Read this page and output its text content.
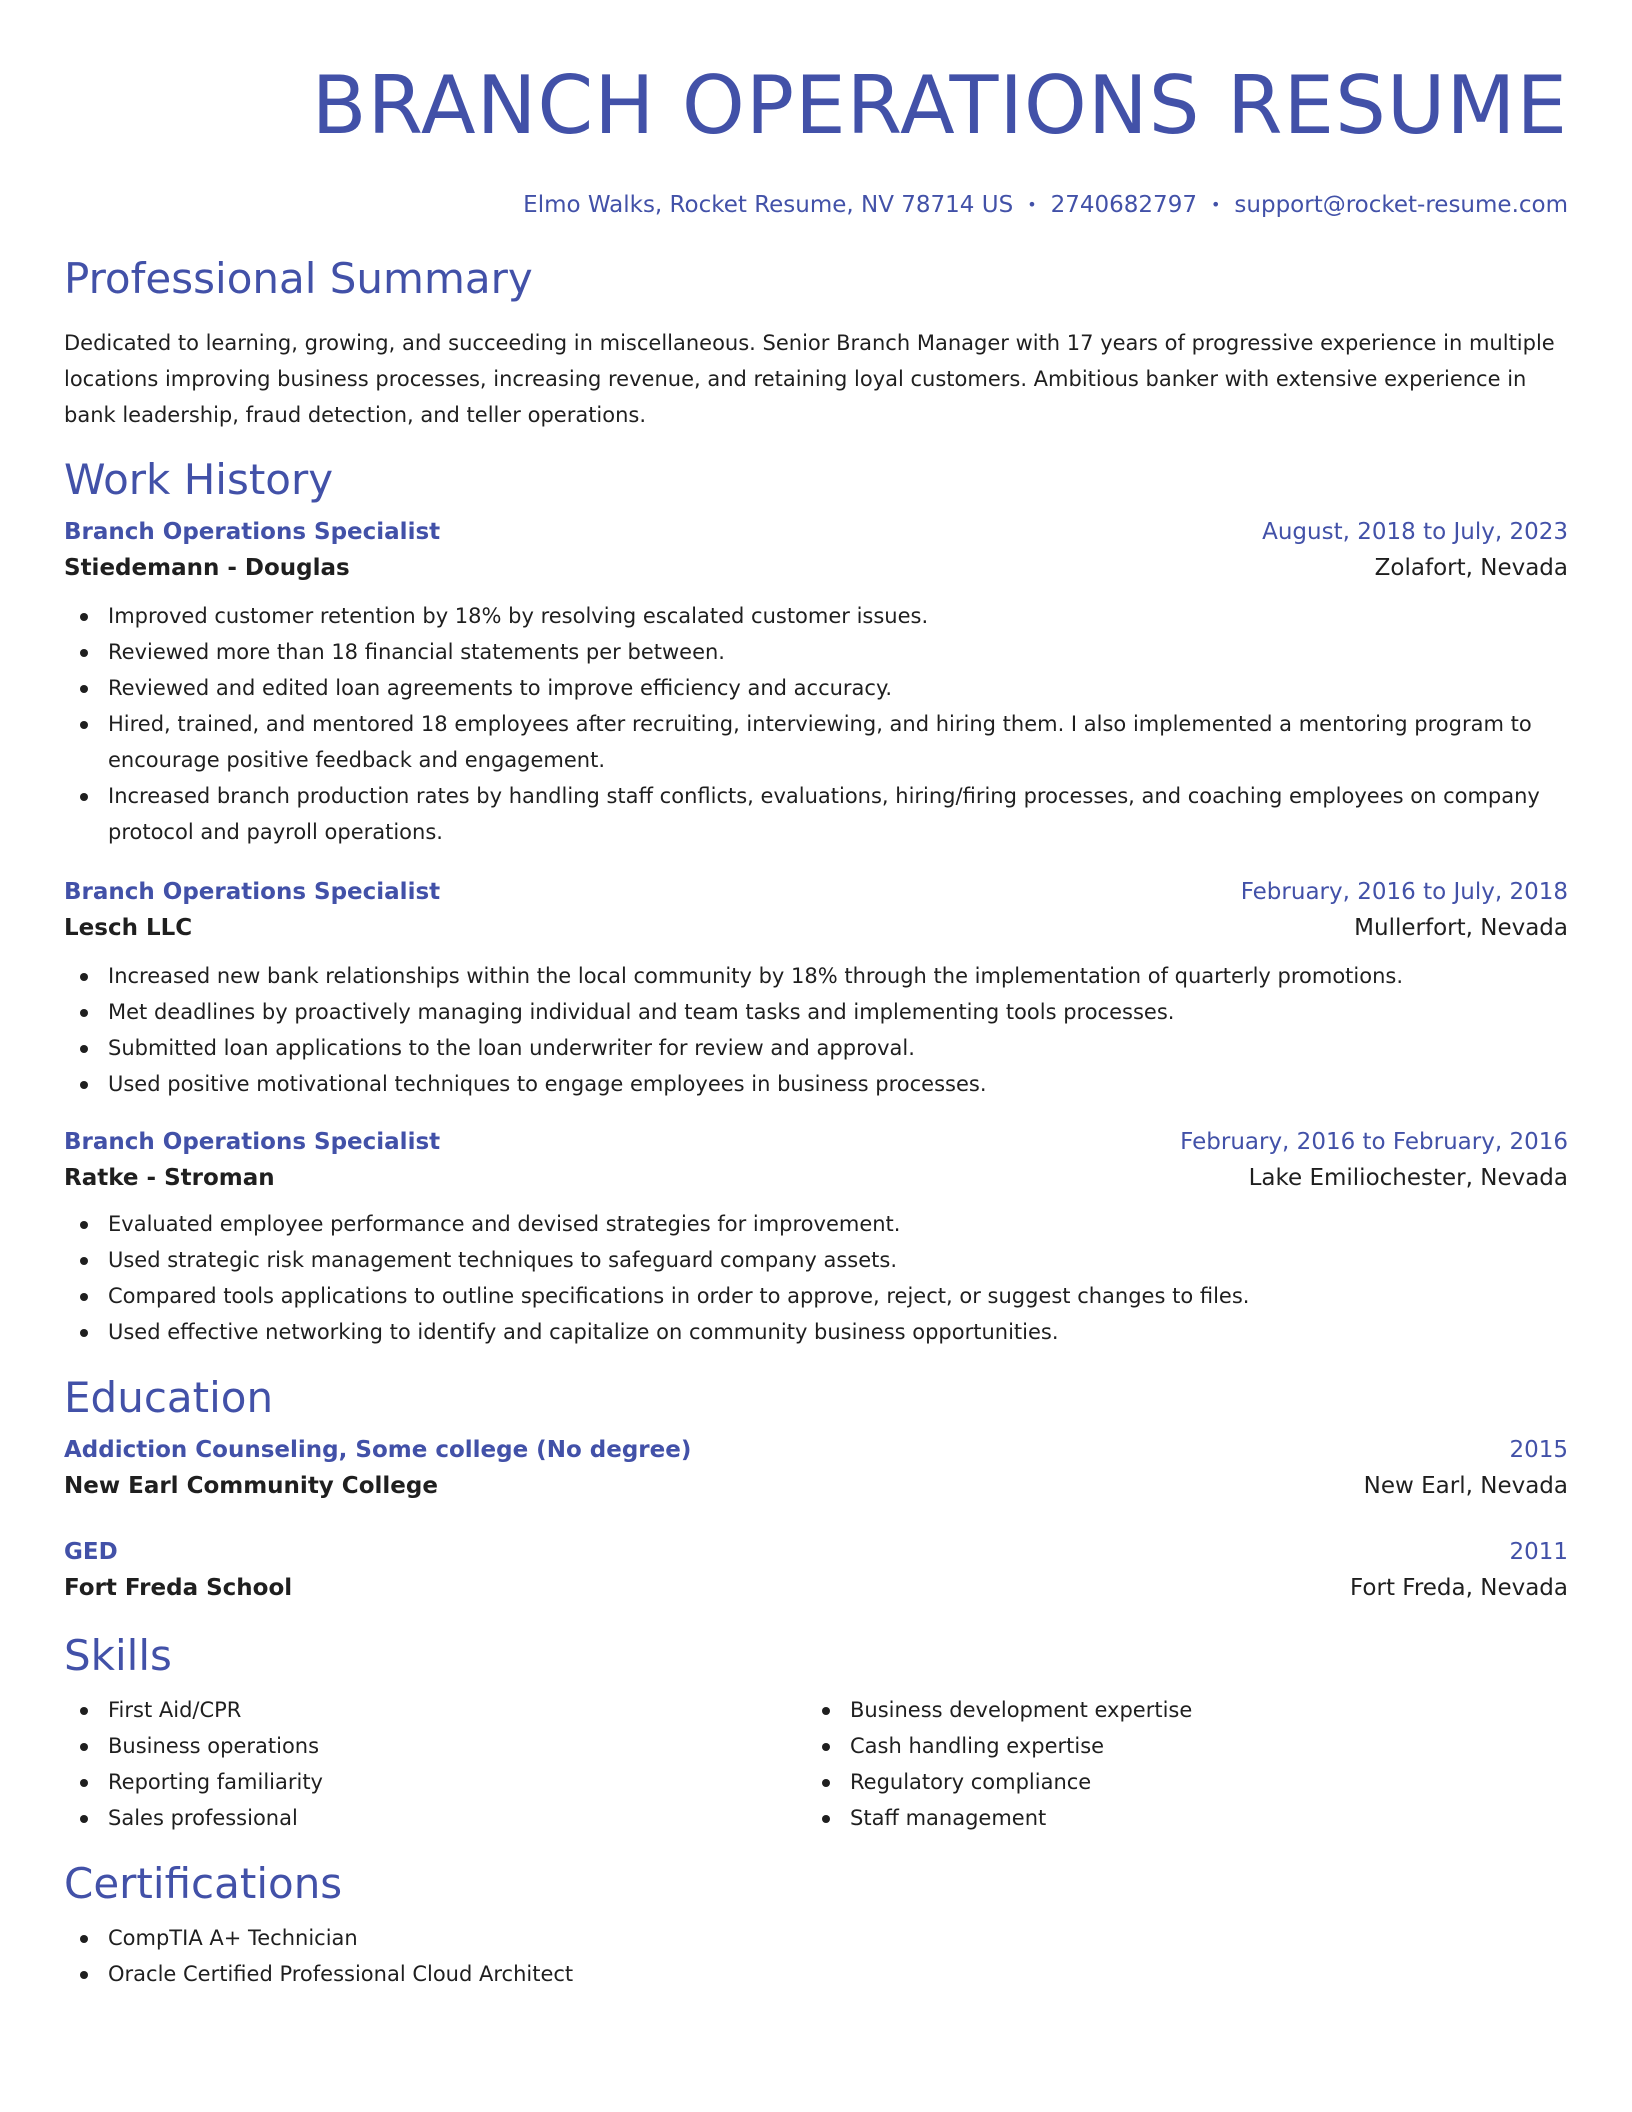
BRANCH OPERATIONS RESUME
Elmo Walks, Rocket Resume, NV 78714 US • 2740682797 • support@rocket-resume.com
Professional Summary

Dedicated to learning, growing, and succeeding in miscellaneous. Senior Branch Manager with 17 years of progressive experience in multiple locations improving business processes, increasing revenue, and retaining loyal customers. Ambitious banker with extensive experience in bank leadership, fraud detection, and teller operations.

Work History
Branch Operations Specialist	August, 2018 to July, 2023
Stiedemann - Douglas	Zolafort, Nevada
Improved customer retention by 18% by resolving escalated customer issues.
Reviewed more than 18 financial statements per between.
Reviewed and edited loan agreements to improve efficiency and accuracy.
Hired, trained, and mentored 18 employees after recruiting, interviewing, and hiring them. I also implemented a mentoring program to encourage positive feedback and engagement.
Increased branch production rates by handling staff conflicts, evaluations, hiring/firing processes, and coaching employees on company protocol and payroll operations.
Branch Operations Specialist	February, 2016 to July, 2018
Lesch LLC	Mullerfort, Nevada
Increased new bank relationships within the local community by 18% through the implementation of quarterly promotions.
Met deadlines by proactively managing individual and team tasks and implementing tools processes.
Submitted loan applications to the loan underwriter for review and approval.
Used positive motivational techniques to engage employees in business processes.
Branch Operations Specialist	February, 2016 to February, 2016
Ratke - Stroman	Lake Emiliochester, Nevada
Evaluated employee performance and devised strategies for improvement.
Used strategic risk management techniques to safeguard company assets.
Compared tools applications to outline specifications in order to approve, reject, or suggest changes to files.
Used effective networking to identify and capitalize on community business opportunities.
Education
Addiction Counseling, Some college (No degree)	2015
New Earl Community College	New Earl, Nevada
GED	2011
Fort Freda School	Fort Freda, Nevada
Skills
First Aid/CPR
Business operations
Reporting familiarity
Sales professional
Business development expertise
Cash handling expertise
Regulatory compliance
Staff management
Certifications
CompTIA A+ Technician
Oracle Certified Professional Cloud Architect
